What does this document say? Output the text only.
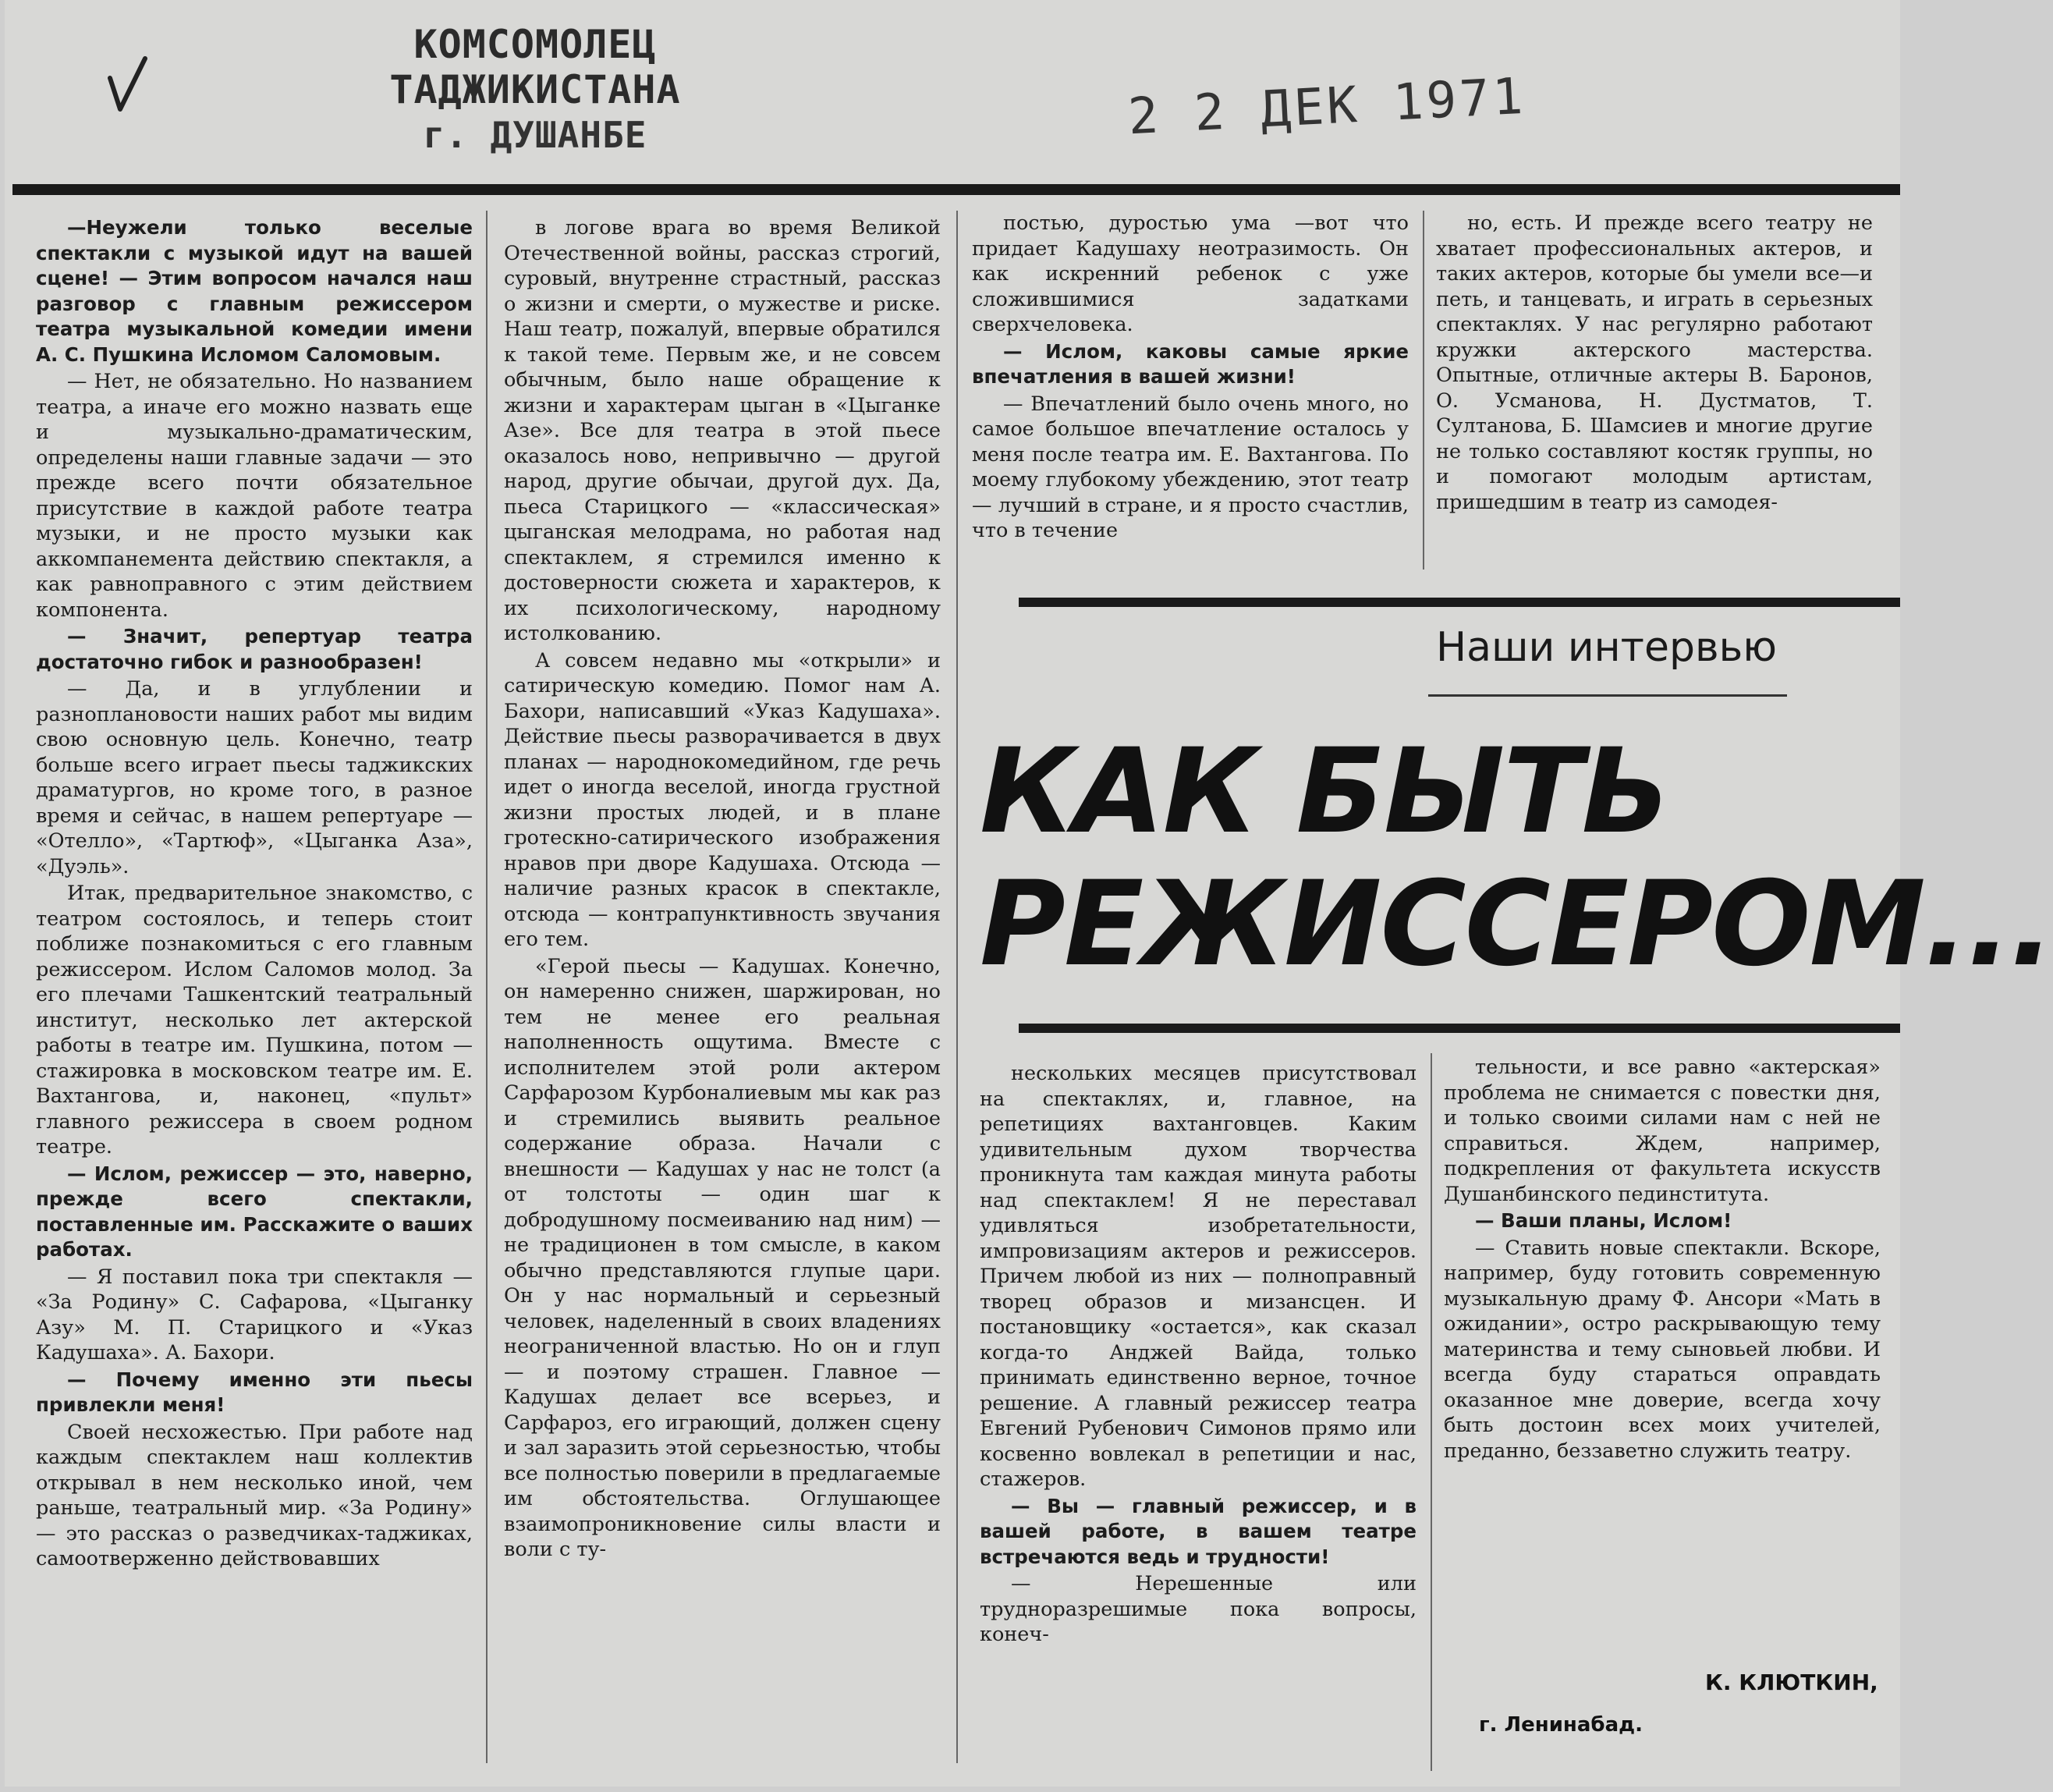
КОМСОМОЛЕЦ ТАДЖИКИСТАНА
г. ДУШАНБЕ	2 2 ДЕК 1971

—Неужели только веселые спектакли с музыкой идут на вашей сцене! — Этим вопросом начался наш разговор с главным режиссером театра музыкальной комедии имени А. С. Пушкина Исломом Саломовым.

— Нет, не обязательно. Но названием театра, а иначе его можно назвать еще и музыкально-драматическим, определены наши главные задачи — это прежде всего почти обязательное присутствие в каждой работе театра музыки, и не просто музыки как аккомпанемента действию спектакля, а как равноправного с этим действием компонента.

— Значит, репертуар театра достаточно гибок и разнообразен!

— Да, и в углублении и разноплановости наших работ мы видим свою основную цель. Конечно, театр больше всего играет пьесы таджикских драматургов, но кроме того, в разное время и сейчас, в нашем репертуаре — «Отелло», «Тартюф», «Цыганка Аза», «Дуэль».

Итак, предварительное знакомство, с театром состоялось, и теперь стоит поближе познакомиться с его главным режиссером. Ислом Саломов молод. За его плечами Ташкентский театральный институт, несколько лет актерской работы в театре им. Пушкина, потом — стажировка в московском театре им. Е. Вахтангова, и, наконец, «пульт» главного режиссера в своем родном театре.

— Ислом, режиссер — это, наверно, прежде всего спектакли, поставленные им. Расскажите о ваших работах.

— Я поставил пока три спектакля — «За Родину» С. Сафарова, «Цыганку Азу» М. П. Старицкого и «Указ Кадушаха». А. Бахори.

— Почему именно эти пьесы привлекли меня!

Своей несхожестью. При работе над каждым спектаклем наш коллектив открывал в нем несколько иной, чем раньше, театральный мир. «За Родину» — это рассказ о разведчиках-таджиках, самоотверженно действовавших

в логове врага во время Великой Отечественной войны, рассказ строгий, суровый, внутренне страстный, рассказ о жизни и смерти, о мужестве и риске. Наш театр, пожалуй, впервые обратился к такой теме. Первым же, и не совсем обычным, было наше обращение к жизни и характерам цыган в «Цыганке Азе». Все для театра в этой пьесе оказалось ново, непривычно — другой народ, другие обычаи, другой дух. Да, пьеса Старицкого — «классическая» цыганская мелодрама, но работая над спектаклем, я стремился именно к достоверности сюжета и характеров, к их психологическому, народному истолкованию.

А совсем недавно мы «открыли» и сатирическую комедию. Помог нам А. Бахори, написавший «Указ Кадушаха». Действие пьесы разворачивается в двух планах — народнокомедийном, где речь идет о иногда веселой, иногда грустной жизни простых людей, и в плане гротескно-сатирического изображения нравов при дворе Кадушаха. Отсюда — наличие разных красок в спектакле, отсюда — контрапунктивность звучания его тем.

«Герой пьесы — Кадушах. Конечно, он намеренно снижен, шаржирован, но тем не менее его реальная наполненность ощутима. Вместе с исполнителем этой роли актером Сарфарозом Курбоналиевым мы как раз и стремились выявить реальное содержание образа. Начали с внешности — Кадушах у нас не толст (а от толстоты — один шаг к добродушному посмеиванию над ним) — не традиционен в том смысле, в каком обычно представляются глупые цари. Он у нас нормальный и серьезный человек, наделенный в своих владениях неограниченной властью. Но он и глуп — и поэтому страшен. Главное — Кадушах делает все всерьез, и Сарфароз, его играющий, должен сцену и зал заразить этой серьезностью, чтобы все полностью поверили в предлагаемые им обстоятельства. Оглушающее взаимопроникновение силы власти и воли с ту-

постью, дуростью ума —вот что придает Кадушаху неотразимость. Он как искренний ребенок с уже сложившимися задатками сверхчеловека.

— Ислом, каковы самые яркие впечатления в вашей жизни!

— Впечатлений было очень много, но самое большое впечатление осталось у меня после театра им. Е. Вахтангова. По моему глубокому убеждению, этот театр — лучший в стране, и я просто счастлив, что в течение

но, есть. И прежде всего театру не хватает профессиональных актеров, и таких актеров, которые бы умели все—и петь, и танцевать, и играть в серьезных спектаклях. У нас регулярно работают кружки актерского мастерства. Опытные, отличные актеры В. Баронов, О. Усманова, Н. Дустматов, Т. Султанова, Б. Шамсиев и многие другие не только составляют костяк группы, но и помогают молодым артистам, пришедшим в театр из самодея-

Наши интервью
КАК БЫТЬ
РЕЖИССЕРОМ...

нескольких месяцев присутствовал на спектаклях, и, главное, на репетициях вахтанговцев. Каким удивительным духом творчества проникнута там каждая минута работы над спектаклем! Я не переставал удивляться изобретательности, импровизациям актеров и режиссеров. Причем любой из них — полноправный творец образов и мизансцен. И постановщику «остается», как сказал когда-то Анджей Вайда, только принимать единственно верное, точное решение. А главный режиссер театра Евгений Рубенович Симонов прямо или косвенно вовлекал в репетиции и нас, стажеров.

— Вы — главный режиссер, и в вашей работе, в вашем театре встречаются ведь и трудности!

— Нерешенные или трудноразрешимые пока вопросы, конеч-

тельности, и все равно «актерская» проблема не снимается с повестки дня, и только своими силами нам с ней не справиться. Ждем, например, подкрепления от факультета искусств Душанбинского пединститута.

— Ваши планы, Ислом!

— Ставить новые спектакли. Вскоре, например, буду готовить современную музыкальную драму Ф. Ансори «Мать в ожидании», остро раскрывающую тему материнства и тему сыновьей любви. И всегда буду стараться оправдать оказанное мне доверие, всегда хочу быть достоин всех моих учителей, преданно, беззаветно служить театру.

К. КЛЮТКИН,
г. Ленинабад.
